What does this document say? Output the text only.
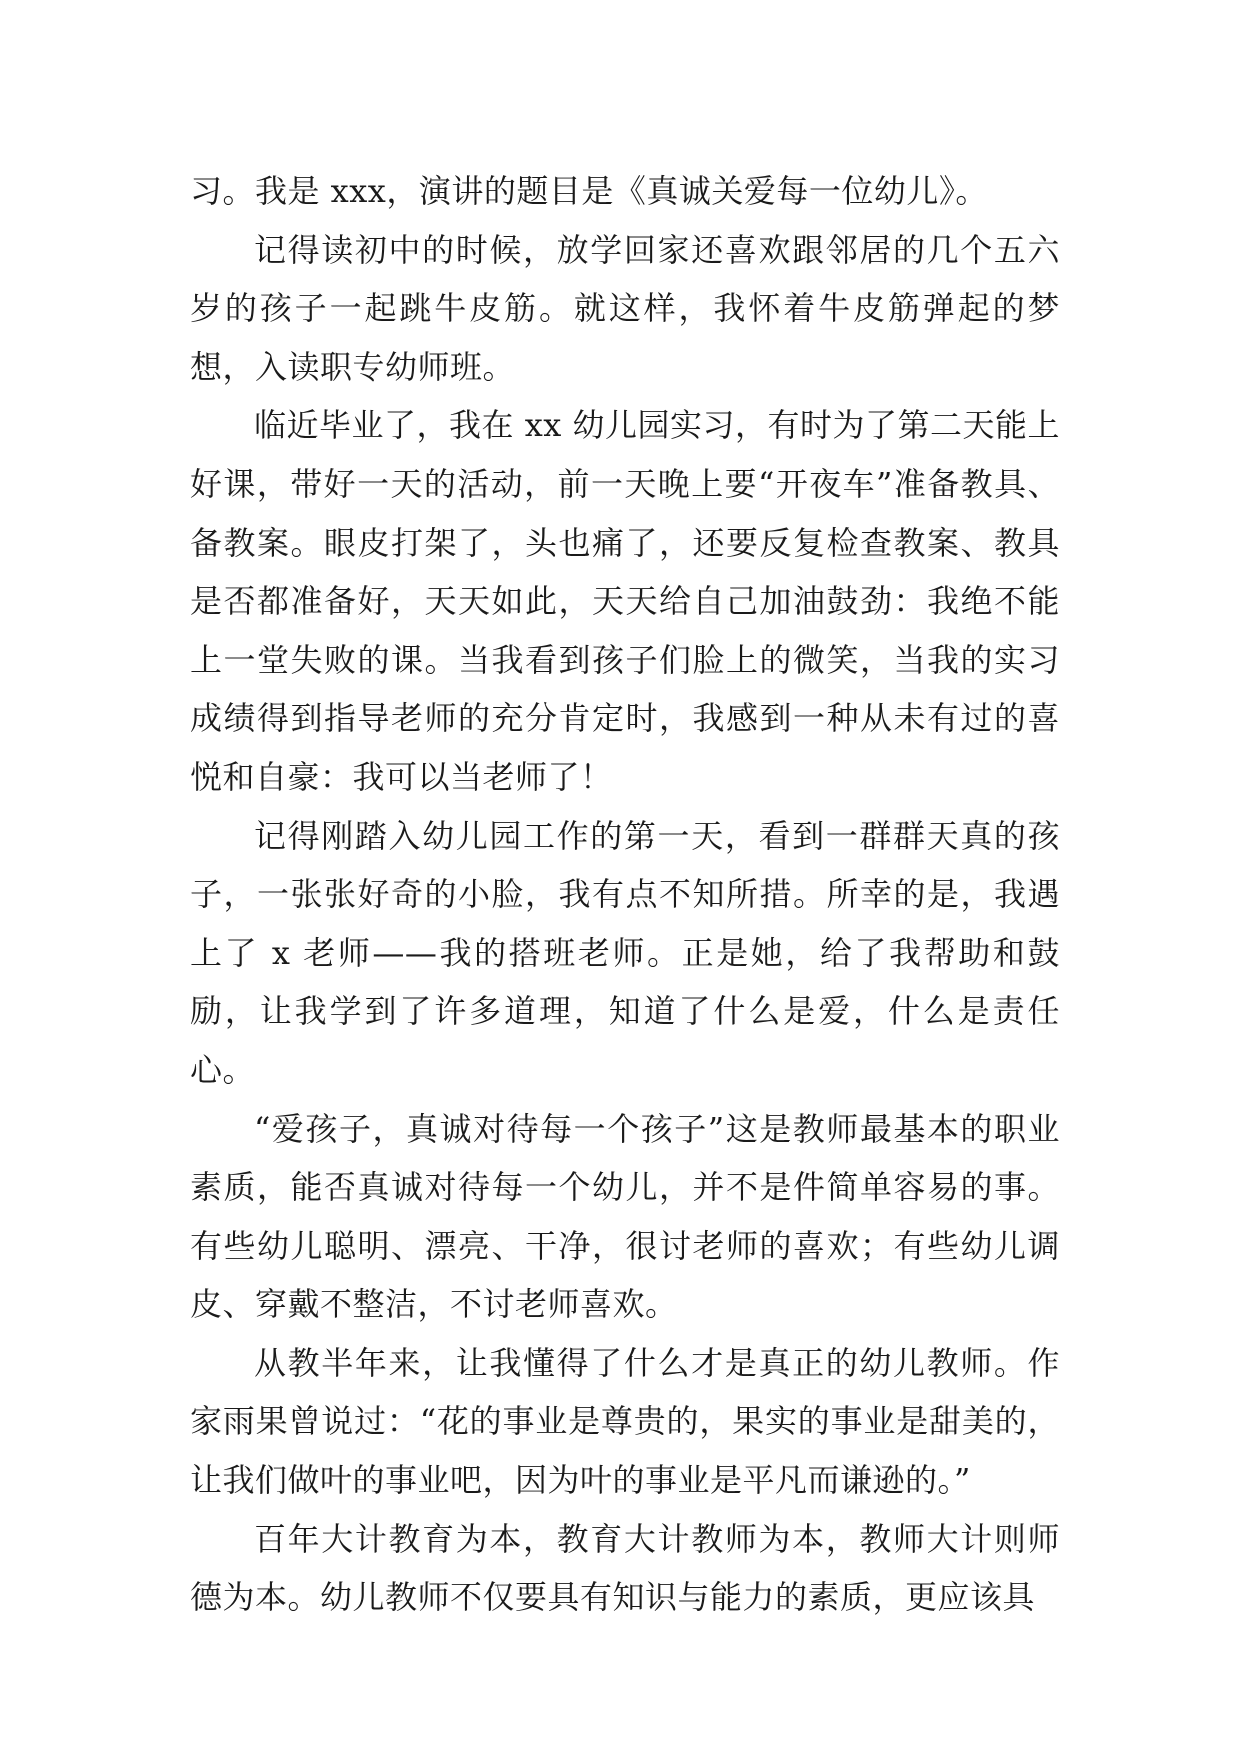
习。我是 xxx，演讲的题目是《真诚关爱每一位幼儿》。

记得读初中的时候，放学回家还喜欢跟邻居的几个五六岁的孩子一起跳牛皮筋。就这样，我怀着牛皮筋弹起的梦想，入读职专幼师班。

临近毕业了，我在 xx 幼儿园实习，有时为了第二天能上好课，带好一天的活动，前一天晚上要“开夜车”准备教具、备教案。眼皮打架了，头也痛了，还要反复检查教案、教具是否都准备好，天天如此，天天给自己加油鼓劲：我绝不能上一堂失败的课。当我看到孩子们脸上的微笑，当我的实习成绩得到指导老师的充分肯定时，我感到一种从未有过的喜悦和自豪：我可以当老师了！

记得刚踏入幼儿园工作的第一天，看到一群群天真的孩子，一张张好奇的小脸，我有点不知所措。所幸的是，我遇上了 x 老师——我的搭班老师。正是她，给了我帮助和鼓励，让我学到了许多道理，知道了什么是爱，什么是责任心。

“爱孩子，真诚对待每一个孩子”这是教师最基本的职业素质，能否真诚对待每一个幼儿，并不是件简单容易的事。有些幼儿聪明、漂亮、干净，很讨老师的喜欢；有些幼儿调皮、穿戴不整洁，不讨老师喜欢。

从教半年来，让我懂得了什么才是真正的幼儿教师。作家雨果曾说过：“花的事业是尊贵的，果实的事业是甜美的，让我们做叶的事业吧，因为叶的事业是平凡而谦逊的。”

百年大计教育为本，教育大计教师为本，教师大计则师德为本。幼儿教师不仅要具有知识与能力的素质，更应该具
